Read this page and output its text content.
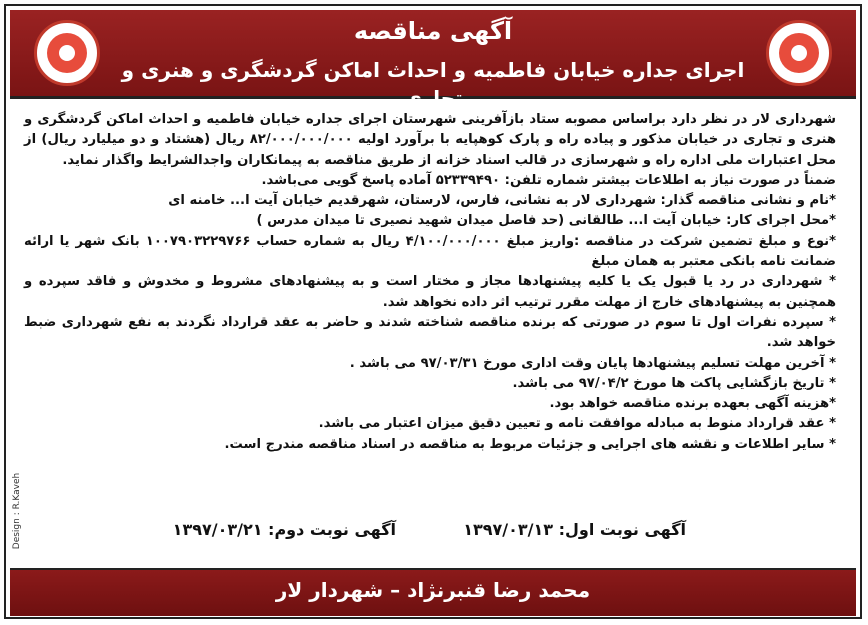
آگهی مناقصه
اجرای جداره خیابان فاطمیه و احداث اماکن گردشگری و هنری و تجاری

شهرداری لار در نظر دارد براساس مصوبه ستاد بازآفرینی شهرستان اجرای جداره خیابان فاطمیه و احداث اماکن گردشگری و هنری و تجاری در خیابان مذکور و پیاده راه و پارک کوهپایه با برآورد اولیه ۸۲/۰۰۰/۰۰۰/۰۰۰ ریال (هشتاد و دو میلیارد ریال) از محل اعتبارات ملی اداره راه و شهرسازی در قالب اسناد خزانه از طریق مناقصه به پیمانکاران واجدالشرایط واگذار نماید.

ضمناً در صورت نیاز به اطلاعات بیشتر شماره تلفن: ۵۲۳۳۹۴۹۰ آماده پاسخ گویی می‌باشد.

*نام و نشانی مناقصه گذار: شهرداری لار به نشانی، فارس، لارستان، شهرقدیم خیابان آیت ا... خامنه ای

*محل اجرای کار: خیابان آیت ا... طالقانی (حد فاصل میدان شهید نصیری تا میدان مدرس )

*نوع و مبلغ تضمین شرکت در مناقصه :واریز مبلغ ۴/۱۰۰/۰۰۰/۰۰۰ ریال به شماره حساب ۱۰۰۷۹۰۳۲۲۹۷۶۶ بانک شهر یا ارائه ضمانت نامه بانکی معتبر به همان مبلغ

* شهرداری در رد یا قبول یک یا کلیه پیشنهادها مجاز و مختار است و به پیشنهادهای مشروط و مخدوش و فاقد سپرده و همچنین به پیشنهادهای خارج از مهلت مقرر ترتیب اثر داده نخواهد شد.

* سپرده نفرات اول تا سوم در صورتی که برنده مناقصه شناخته شدند و حاضر به عقد قرارداد نگردند به نفع شهرداری ضبط خواهد شد.

* آخرین مهلت تسلیم پیشنهادها پایان وقت اداری مورخ ۹۷/۰۳/۳۱ می باشد .

* تاریخ بازگشایی پاکت ها مورخ ۹۷/۰۴/۲ می باشد.

*هزینه آگهی بعهده برنده مناقصه خواهد بود.

* عقد قرارداد منوط به مبادله موافقت نامه و تعیین دقیق میزان اعتبار می باشد.

* سایر اطلاعات و نقشه های اجرایی و جزئیات مربوط به مناقصه در اسناد مناقصه مندرج است.

آگهی نوبت اول: ۱۳۹۷/۰۳/۱۳
آگهی نوبت دوم: ۱۳۹۷/۰۳/۲۱
Design : R.Kaveh
محمد رضا قنبرنژاد – شهردار لار
